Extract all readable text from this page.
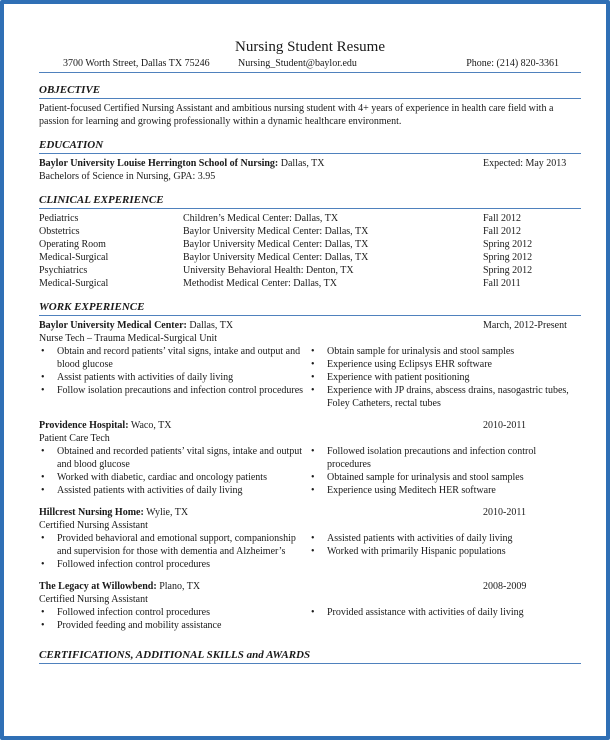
Nursing Student Resume
3700 Worth Street, Dallas TX 75246	Nursing_Student@baylor.edu	Phone: (214) 820-3361
OBJECTIVE
Patient-focused Certified Nursing Assistant and ambitious nursing student with 4+ years of experience in health care field with a passion for learning and growing professionally within a dynamic healthcare environment.
EDUCATION
Baylor University Louise Herrington School of Nursing: Dallas, TX	Expected: May 2013
Bachelors of Science in Nursing, GPA: 3.95
CLINICAL EXPERIENCE
Pediatrics	Children’s Medical Center: Dallas, TX	Fall 2012
Obstetrics	Baylor University Medical Center: Dallas, TX	Fall 2012
Operating Room	Baylor University Medical Center: Dallas, TX	Spring 2012
Medical-Surgical	Baylor University Medical Center: Dallas, TX	Spring 2012
Psychiatrics	University Behavioral Health: Denton, TX	Spring 2012
Medical-Surgical	Methodist Medical Center: Dallas, TX	Fall 2011
WORK EXPERIENCE
Baylor University Medical Center: Dallas, TX	March, 2012-Present
Nurse Tech – Trauma Medical-Surgical Unit
• Obtain and record patients’ vital signs, intake and output and blood glucose
• Assist patients with activities of daily living
• Follow isolation precautions and infection control procedures
• Obtain sample for urinalysis and stool samples
• Experience using Eclipsys EHR software
• Experience with patient positioning
• Experience with JP drains, abscess drains, nasogastric tubes, Foley Catheters, rectal tubes
Providence Hospital: Waco, TX	2010-2011
Patient Care Tech
• Obtained and recorded patients’ vital signs, intake and output and blood glucose
• Worked with diabetic, cardiac and oncology patients
• Assisted patients with activities of daily living
• Followed isolation precautions and infection control procedures
• Obtained sample for urinalysis and stool samples
• Experience using Meditech HER software
Hillcrest Nursing Home: Wylie, TX	2010-2011
Certified Nursing Assistant
• Provided behavioral and emotional support, companionship and supervision for those with dementia and Alzheimer’s
• Followed infection control procedures
• Assisted patients with activities of daily living
• Worked with primarily Hispanic populations
The Legacy at Willowbend: Plano, TX	2008-2009
Certified Nursing Assistant
• Followed infection control procedures
• Provided feeding and mobility assistance
• Provided assistance with activities of daily living
CERTIFICATIONS, ADDITIONAL SKILLS and AWARDS
